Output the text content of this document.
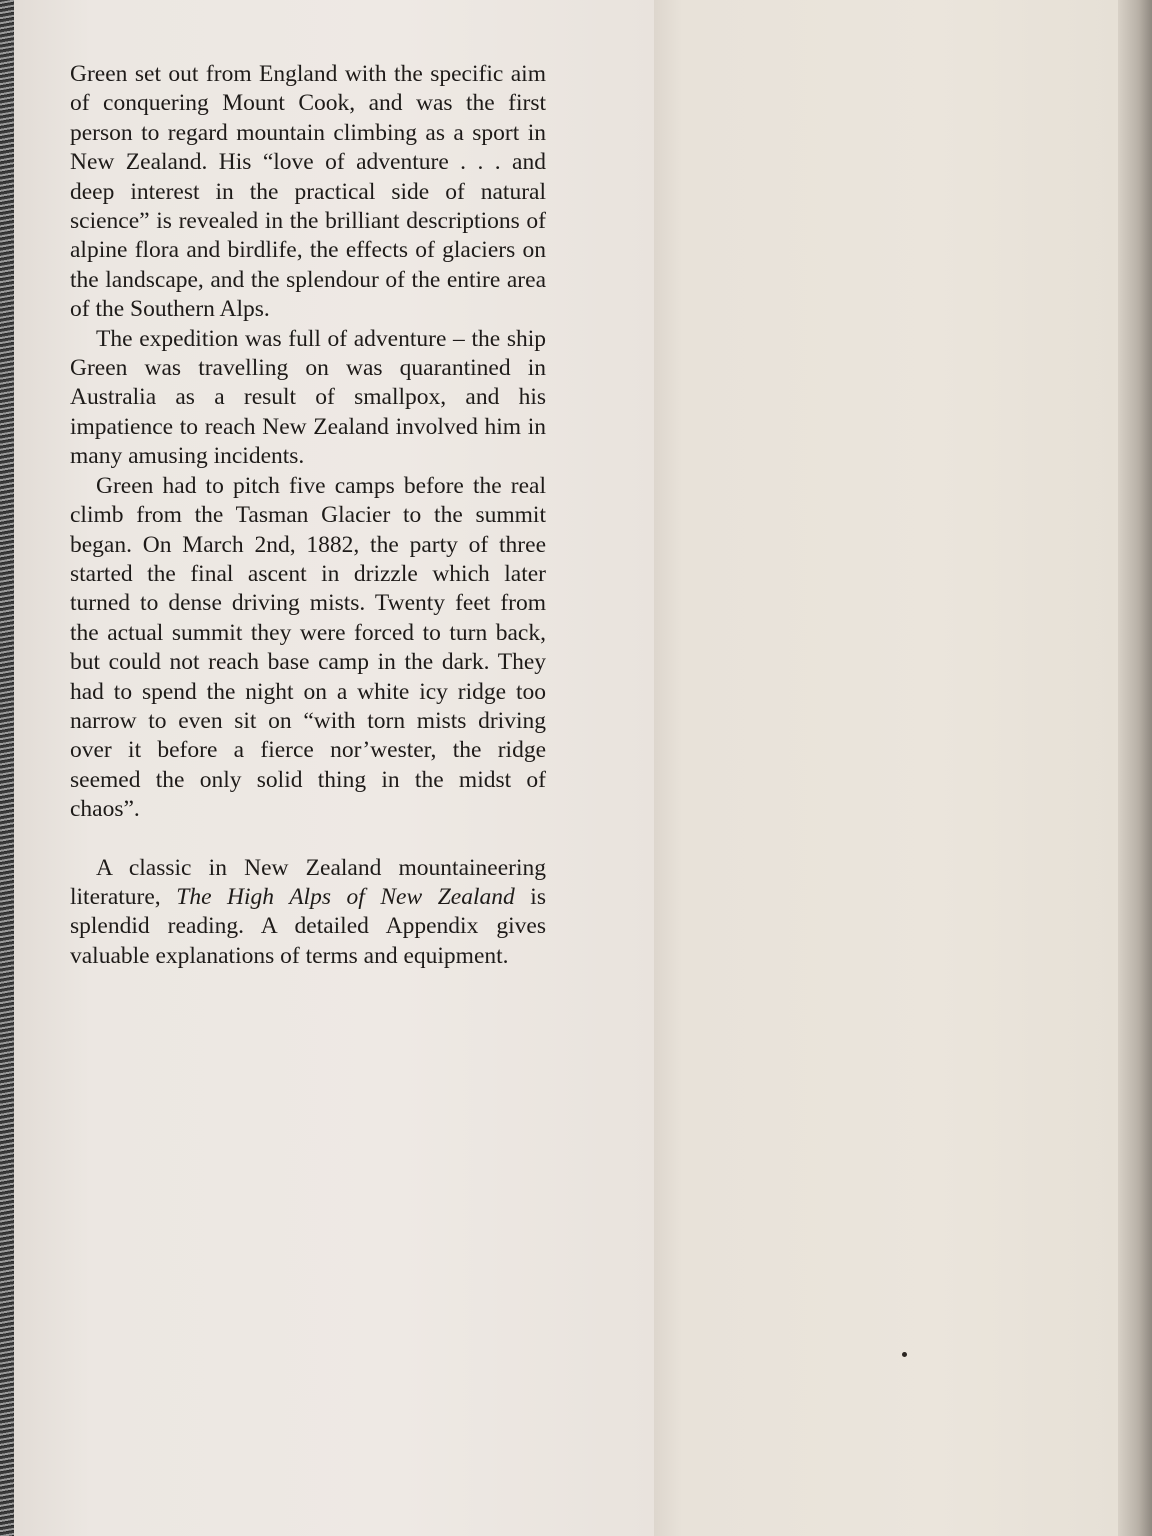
Green set out from England with the specific aim of conquering Mount Cook, and was the first person to regard mountain climbing as a sport in New Zealand. His “love of adventure . . . and deep interest in the practical side of natural science” is revealed in the brilliant descriptions of alpine flora and birdlife, the effects of glaciers on the landscape, and the splendour of the entire area of the Southern Alps.

The expedition was full of adventure – the ship Green was travelling on was quarantined in Australia as a result of smallpox, and his impatience to reach New Zealand involved him in many amusing incidents.

Green had to pitch five camps before the real climb from the Tasman Glacier to the summit began. On March 2nd, 1882, the party of three started the final ascent in drizzle which later turned to dense driving mists. Twenty feet from the actual summit they were forced to turn back, but could not reach base camp in the dark. They had to spend the night on a white icy ridge too narrow to even sit on “with torn mists driving over it before a fierce nor’wester, the ridge seemed the only solid thing in the midst of chaos”.

A classic in New Zealand mountaineering literature, The High Alps of New Zealand is splendid reading. A detailed Appendix gives valuable explanations of terms and equipment.
